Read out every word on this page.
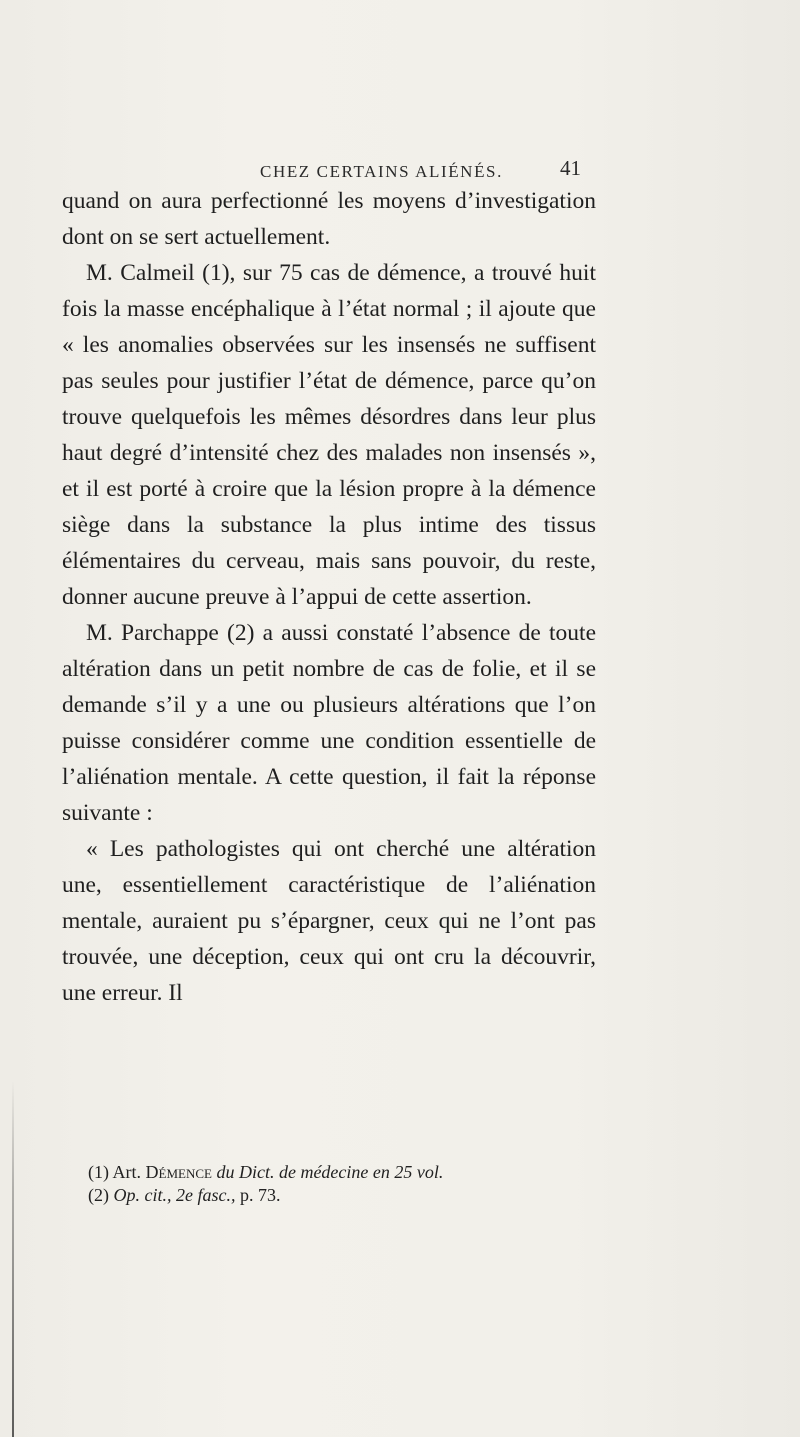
CHEZ CERTAINS ALIÉNÉS.	41

quand on aura perfectionné les moyens d’investigation dont on se sert actuellement.

M. Calmeil (1), sur 75 cas de démence, a trouvé huit fois la masse encéphalique à l’état normal ; il ajoute que « les anomalies observées sur les insensés ne suffisent pas seules pour justifier l’état de démence, parce qu’on trouve quelquefois les mêmes désordres dans leur plus haut degré d’intensité chez des malades non insensés », et il est porté à croire que la lésion propre à la démence siège dans la substance la plus intime des tissus élémentaires du cerveau, mais sans pouvoir, du reste, donner aucune preuve à l’appui de cette assertion.

M. Parchappe (2) a aussi constaté l’absence de toute altération dans un petit nombre de cas de folie, et il se demande s’il y a une ou plusieurs altérations que l’on puisse considérer comme une condition essentielle de l’aliénation mentale. A cette question, il fait la réponse suivante :

« Les pathologistes qui ont cherché une altération une, essentiellement caractéristique de l’aliénation mentale, auraient pu s’épargner, ceux qui ne l’ont pas trouvée, une déception, ceux qui ont cru la découvrir, une erreur. Il

(1) Art. Démence du Dict. de médecine en 25 vol.

(2) Op. cit., 2e fasc., p. 73.
